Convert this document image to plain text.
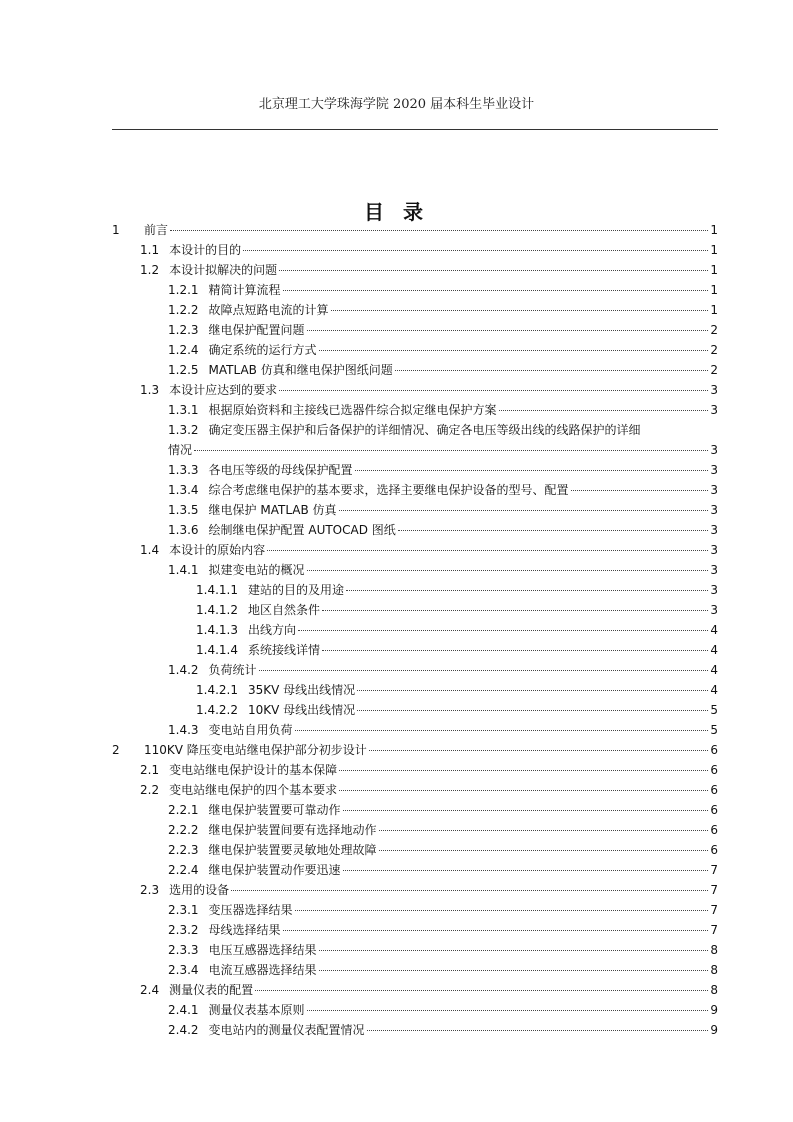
北京理工大学珠海学院 2020 届本科生毕业设计
目 录
1	前言	1
1.1 本设计的目的	1
1.2 本设计拟解决的问题	1
1.2.1 精简计算流程	1
1.2.2 故障点短路电流的计算	1
1.2.3 继电保护配置问题	2
1.2.4 确定系统的运行方式	2
1.2.5 MATLAB 仿真和继电保护图纸问题	2
1.3 本设计应达到的要求	3
1.3.1 根据原始资料和主接线已选器件综合拟定继电保护方案	3
1.3.2 确定变压器主保护和后备保护的详细情况、确定各电压等级出线的线路保护的详细
情况	3
1.3.3 各电压等级的母线保护配置	3
1.3.4 综合考虑继电保护的基本要求，选择主要继电保护设备的型号、配置	3
1.3.5 继电保护 MATLAB 仿真	3
1.3.6 绘制继电保护配置 AUTOCAD 图纸	3
1.4 本设计的原始内容	3
1.4.1 拟建变电站的概况	3
1.4.1.1 建站的目的及用途	3
1.4.1.2 地区自然条件	3
1.4.1.3 出线方向	4
1.4.1.4 系统接线详情	4
1.4.2 负荷统计	4
1.4.2.1 35KV 母线出线情况	4
1.4.2.2 10KV 母线出线情况	5
1.4.3 变电站自用负荷	5
2	110KV 降压变电站继电保护部分初步设计	6
2.1 变电站继电保护设计的基本保障	6
2.2 变电站继电保护的四个基本要求	6
2.2.1 继电保护装置要可靠动作	6
2.2.2 继电保护装置间要有选择地动作	6
2.2.3 继电保护装置要灵敏地处理故障	6
2.2.4 继电保护装置动作要迅速	7
2.3 选用的设备	7
2.3.1 变压器选择结果	7
2.3.2 母线选择结果	7
2.3.3 电压互感器选择结果	8
2.3.4 电流互感器选择结果	8
2.4 测量仪表的配置	8
2.4.1 测量仪表基本原则	9
2.4.2 变电站内的测量仪表配置情况	9
